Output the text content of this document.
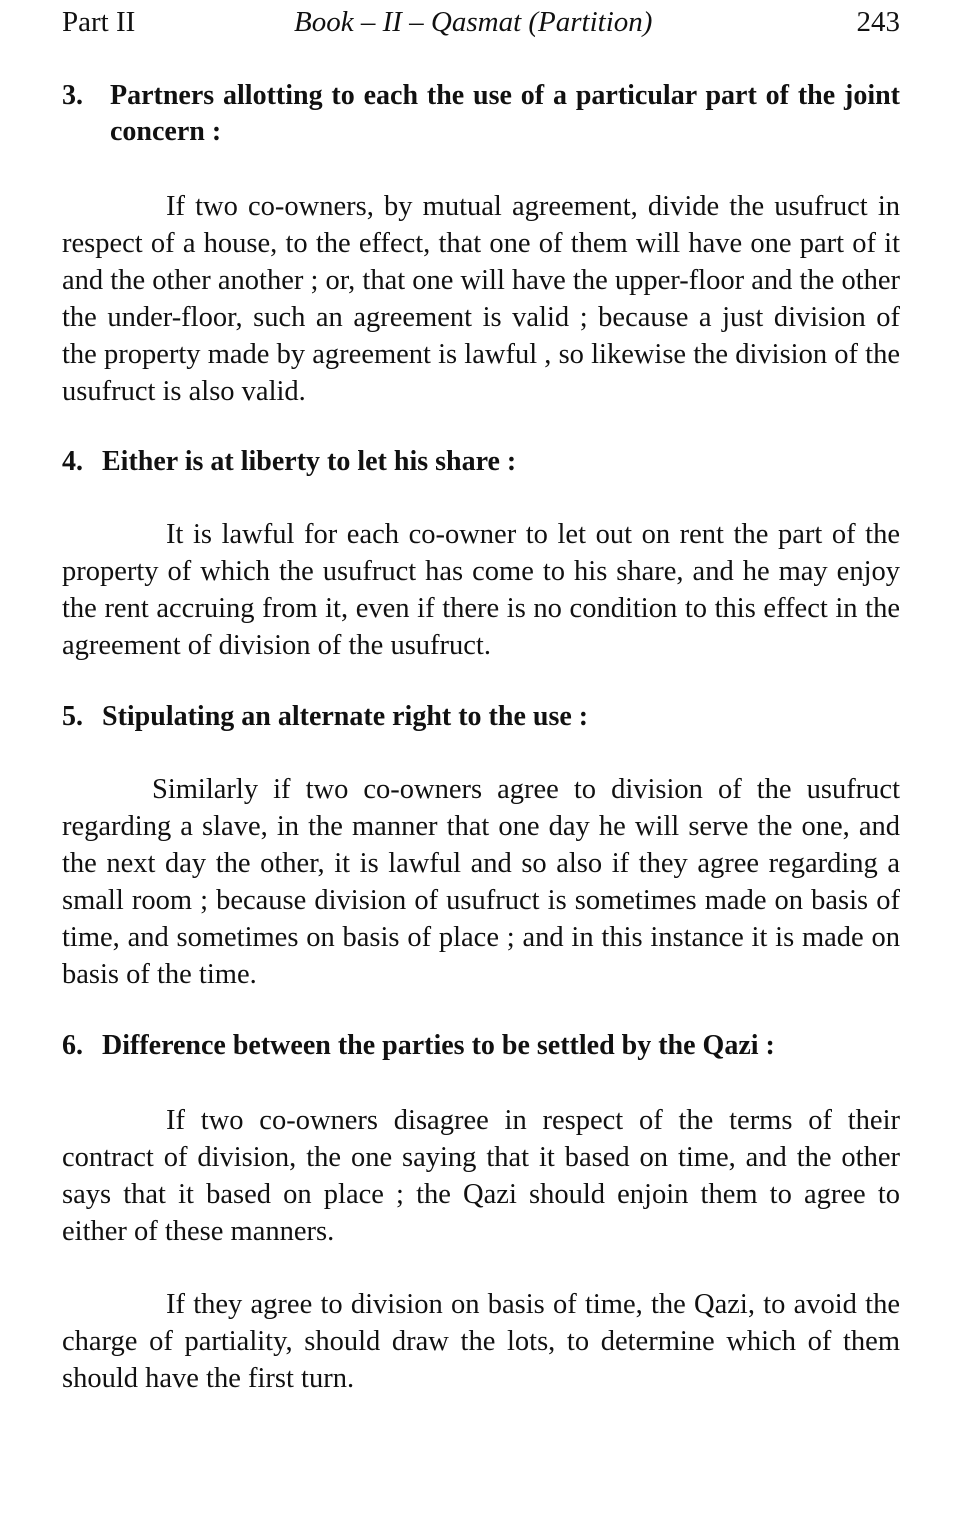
Part II	Book – II – Qasmat (Partition)	243
3. Partners allotting to each the use of a particular part of the joint concern :

If two co-owners, by mutual agreement, divide the usufruct in respect of a house, to the effect, that one of them will have one part of it and the other another ; or, that one will have the upper-floor and the other the under-floor, such an agreement is valid ; because a just division of the property made by agreement is lawful , so likewise the division of the usufruct is also valid.

4. Either is at liberty to let his share :

It is lawful for each co-owner to let out on rent the part of the property of which the usufruct has come to his share, and he may enjoy the rent accruing from it, even if there is no condition to this effect in the agreement of division of the usufruct.

5. Stipulating an alternate right to the use :

Similarly if two co-owners agree to division of the usufruct regarding a slave, in the manner that one day he will serve the one, and the next day the other, it is lawful and so also if they agree regarding a small room ; because division of usufruct is sometimes made on basis of time, and sometimes on basis of place ; and in this instance it is made on basis of the time.

6. Difference between the parties to be settled by the Qazi :

If two co-owners disagree in respect of the terms of their contract of division, the one saying that it based on time, and the other says that it based on place ; the Qazi should enjoin them to agree to either of these manners.

If they agree to division on basis of time, the Qazi, to avoid the charge of partiality, should draw the lots, to determine which of them should have the first turn.
